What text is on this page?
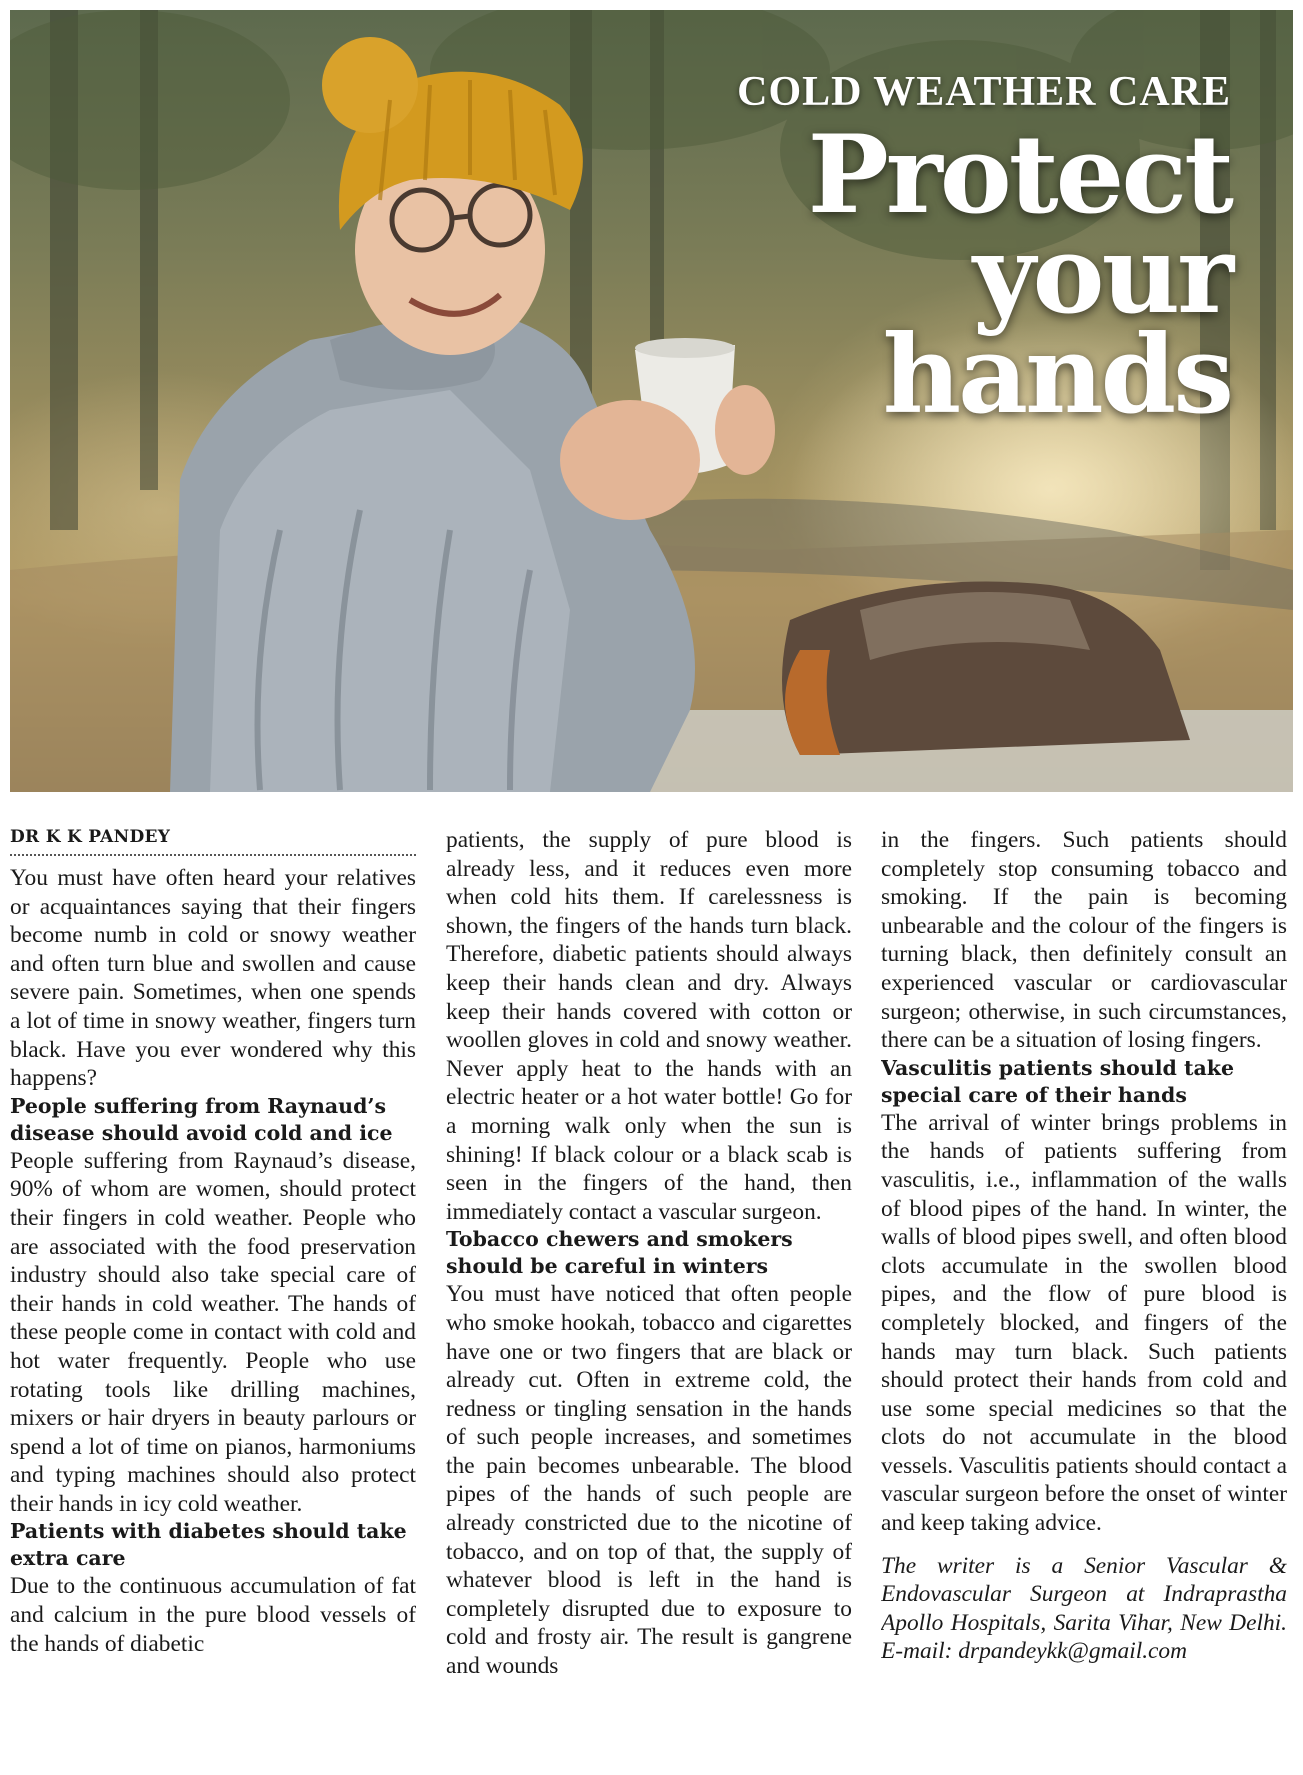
COLD WEATHER CARE
Protect
your
hands
DR K K PANDEY

You must have often heard your relatives or acquaintances saying that their fingers become numb in cold or snowy weather and often turn blue and swollen and cause severe pain. Sometimes, when one spends a lot of time in snowy weather, fingers turn black. Have you ever wondered why this happens?

People suffering from Raynaud’s disease should avoid cold and ice

People suffering from Raynaud’s disease, 90% of whom are women, should protect their fingers in cold weather. People who are associated with the food preservation industry should also take special care of their hands in cold weather. The hands of these people come in contact with cold and hot water frequently. People who use rotating tools like drilling machines, mixers or hair dryers in beauty parlours or spend a lot of time on pianos, harmoniums and typing machines should also protect their hands in icy cold weather.

Patients with diabetes should take extra care

Due to the continuous accumulation of fat and calcium in the pure blood vessels of the hands of diabetic

patients, the supply of pure blood is already less, and it reduces even more when cold hits them. If carelessness is shown, the fingers of the hands turn black. Therefore, diabetic patients should always keep their hands clean and dry. Always keep their hands covered with cotton or woollen gloves in cold and snowy weather. Never apply heat to the hands with an electric heater or a hot water bottle! Go for a morning walk only when the sun is shining! If black colour or a black scab is seen in the fingers of the hand, then immediately contact a vascular surgeon.

Tobacco chewers and smokers should be careful in winters

You must have noticed that often people who smoke hookah, tobacco and cigarettes have one or two fingers that are black or already cut. Often in extreme cold, the redness or tingling sensation in the hands of such people increases, and sometimes the pain becomes unbearable. The blood pipes of the hands of such people are already constricted due to the nicotine of tobacco, and on top of that, the supply of whatever blood is left in the hand is completely disrupted due to exposure to cold and frosty air. The result is gangrene and wounds

in the fingers. Such patients should completely stop consuming tobacco and smoking. If the pain is becoming unbearable and the colour of the fingers is turning black, then definitely consult an experienced vascular or cardiovascular surgeon; otherwise, in such circumstances, there can be a situation of losing fingers.

Vasculitis patients should take special care of their hands

The arrival of winter brings problems in the hands of patients suffering from vasculitis, i.e., inflammation of the walls of blood pipes of the hand. In winter, the walls of blood pipes swell, and often blood clots accumulate in the swollen blood pipes, and the flow of pure blood is completely blocked, and fingers of the hands may turn black. Such patients should protect their hands from cold and use some special medicines so that the clots do not accumulate in the blood vessels. Vasculitis patients should contact a vascular surgeon before the onset of winter and keep taking advice.

The writer is a Senior Vascular & Endovascular Surgeon at Indraprastha Apollo Hospitals, Sarita Vihar, New Delhi. E-mail: drpandeykk@gmail.com
